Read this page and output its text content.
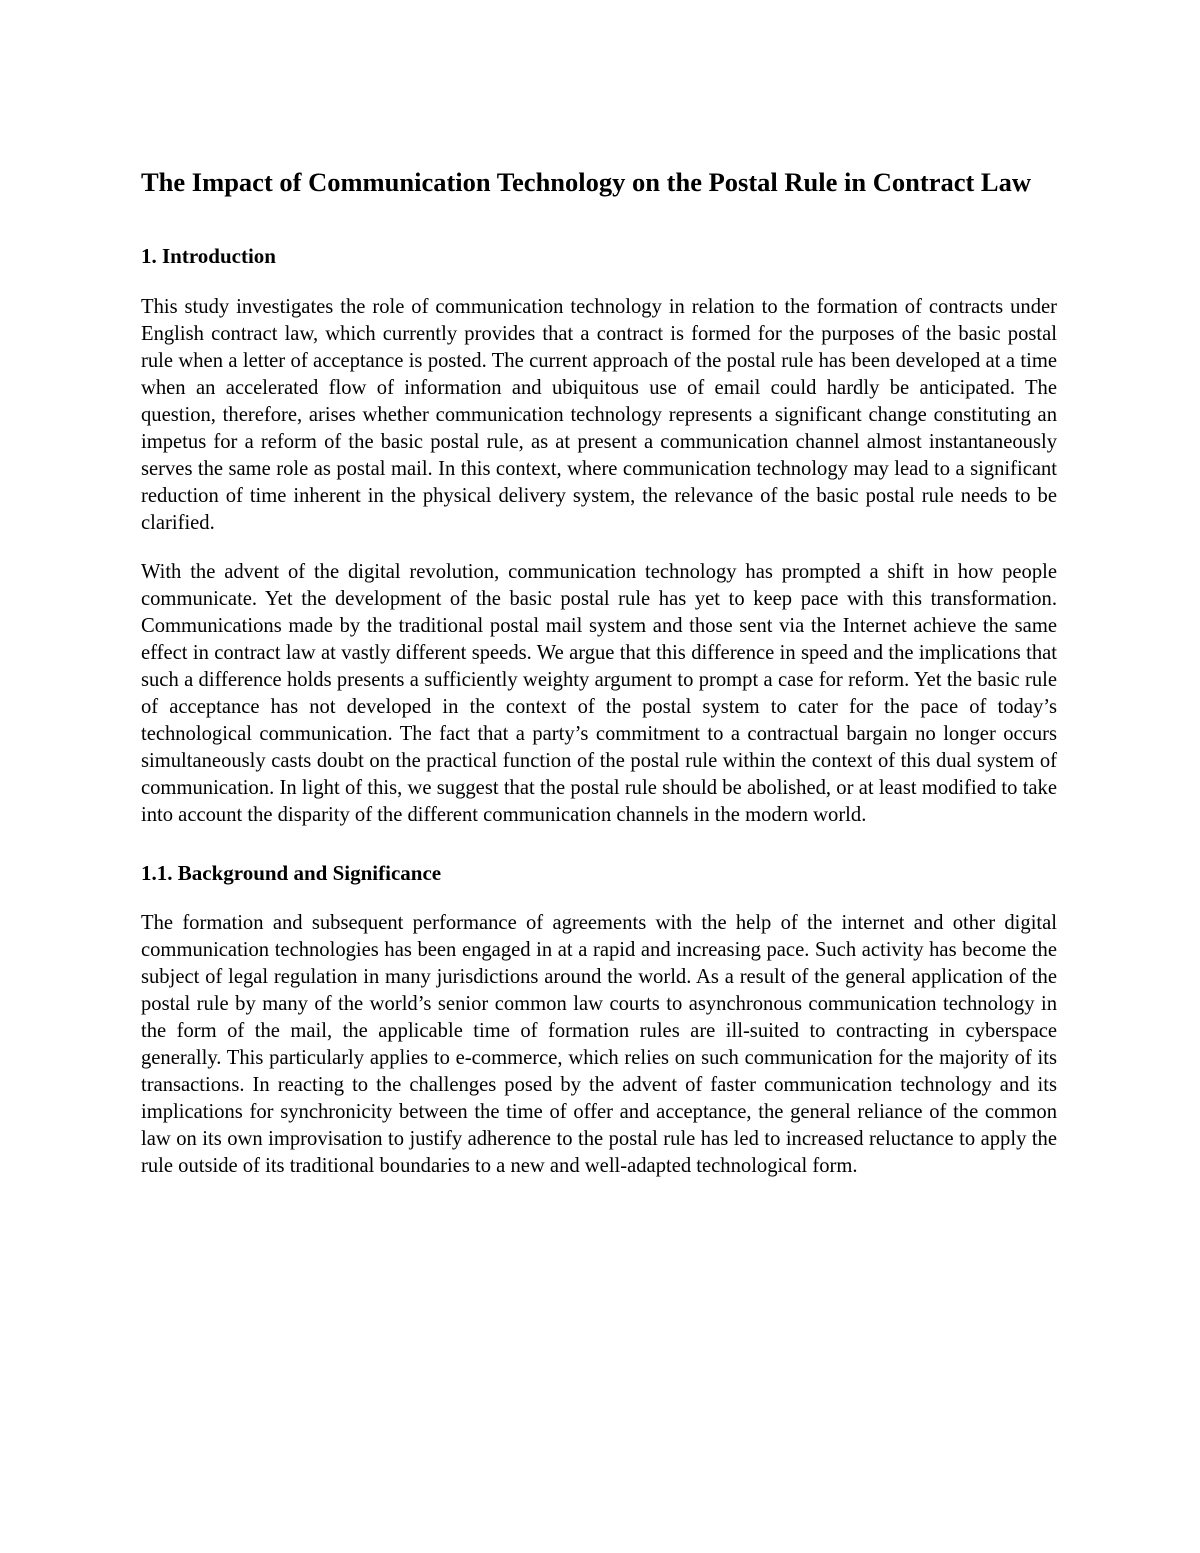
The Impact of Communication Technology on the Postal Rule in Contract Law
1. Introduction

This study investigates the role of communication technology in relation to the formation of contracts under English contract law, which currently provides that a contract is formed for the purposes of the basic postal rule when a letter of acceptance is posted. The current approach of the postal rule has been developed at a time when an accelerated flow of information and ubiquitous use of email could hardly be anticipated. The question, therefore, arises whether communication technology represents a significant change constituting an impetus for a reform of the basic postal rule, as at present a communication channel almost instantaneously serves the same role as postal mail. In this context, where communication technology may lead to a significant reduction of time inherent in the physical delivery system, the relevance of the basic postal rule needs to be clarified.

With the advent of the digital revolution, communication technology has prompted a shift in how people communicate. Yet the development of the basic postal rule has yet to keep pace with this transformation. Communications made by the traditional postal mail system and those sent via the Internet achieve the same effect in contract law at vastly different speeds. We argue that this difference in speed and the implications that such a difference holds presents a sufficiently weighty argument to prompt a case for reform. Yet the basic rule of acceptance has not developed in the context of the postal system to cater for the pace of today’s technological communication. The fact that a party’s commitment to a contractual bargain no longer occurs simultaneously casts doubt on the practical function of the postal rule within the context of this dual system of communication. In light of this, we suggest that the postal rule should be abolished, or at least modified to take into account the disparity of the different communication channels in the modern world.

1.1. Background and Significance

The formation and subsequent performance of agreements with the help of the internet and other digital communication technologies has been engaged in at a rapid and increasing pace. Such activity has become the subject of legal regulation in many jurisdictions around the world. As a result of the general application of the postal rule by many of the world’s senior common law courts to asynchronous communication technology in the form of the mail, the applicable time of formation rules are ill-suited to contracting in cyberspace generally. This particularly applies to e-commerce, which relies on such communication for the majority of its transactions. In reacting to the challenges posed by the advent of faster communication technology and its implications for synchronicity between the time of offer and acceptance, the general reliance of the common law on its own improvisation to justify adherence to the postal rule has led to increased reluctance to apply the rule outside of its traditional boundaries to a new and well-adapted technological form.
